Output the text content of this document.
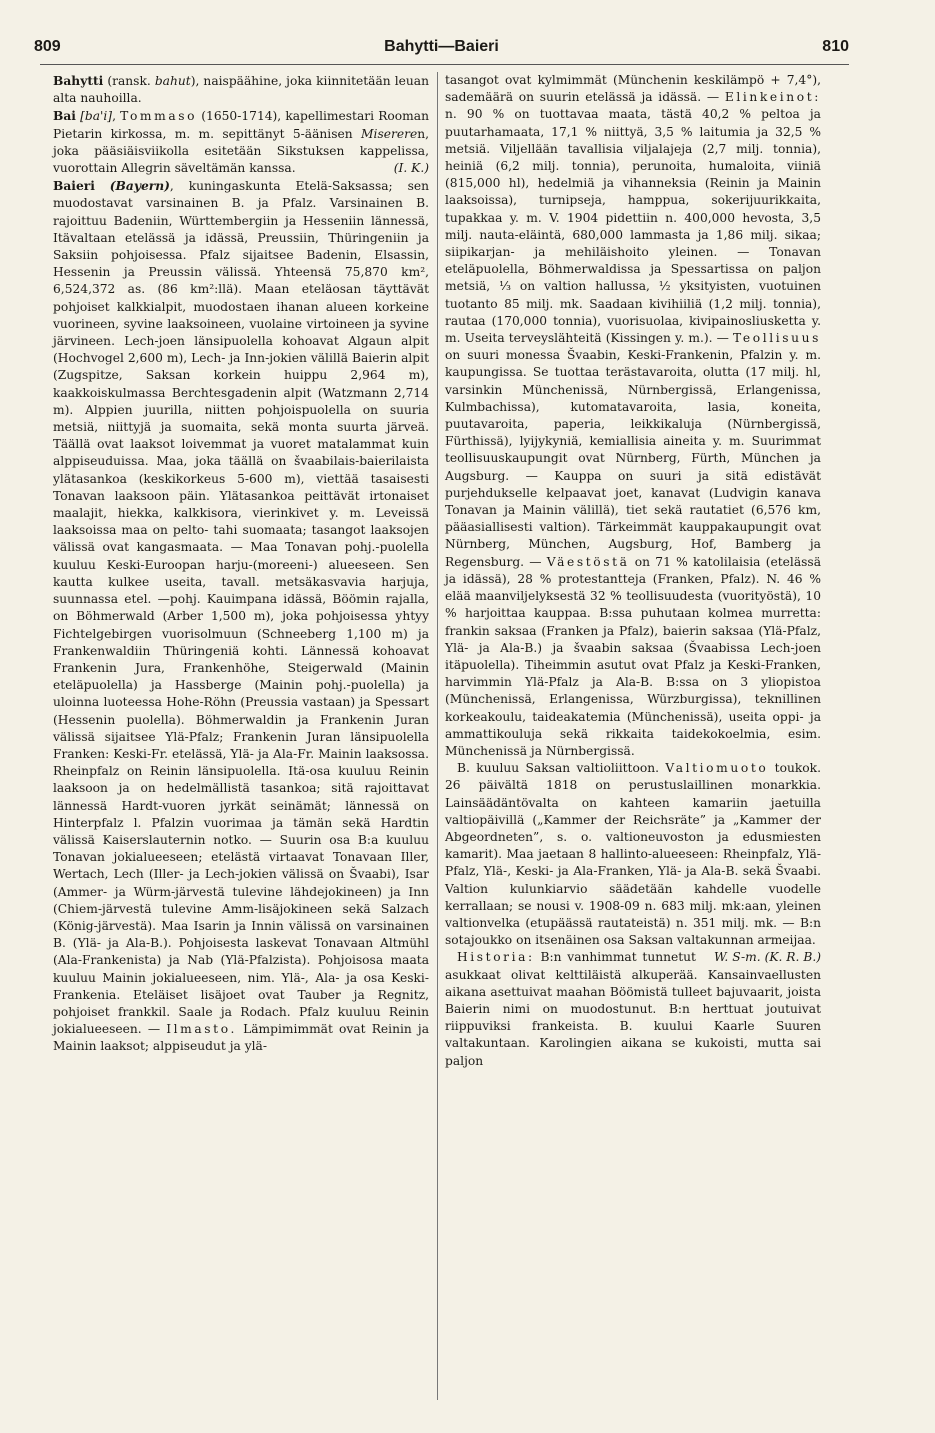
809	Bahytti—Baieri	810

Bahytti (ransk. bahut), naispäähine, joka kiinnitetään leuan alta nauhoilla.

Bai [ba'i], Tommaso (1650-1714), kapellimestari Rooman Pietarin kirkossa, m. m. sepittänyt 5-äänisen Misereren, joka pääsiäisviikolla esitetään Sikstuksen kappelissa, vuorottain Allegrin säveltämän kanssa.	(I. K.)

Baieri (Bayern), kuningaskunta Etelä-Saksassa; sen muodostavat varsinainen B. ja Pfalz. Varsinainen B. rajoittuu Badeniin, Württembergiin ja Hesseniin lännessä, Itävaltaan etelässä ja idässä, Preussiin, Thüringeniin ja Saksiin pohjoisessa. Pfalz sijaitsee Badenin, Elsassin, Hessenin ja Preussin välissä. Yhteensä 75,870 km², 6,524,372 as. (86 km²:llä). Maan eteläosan täyttävät pohjoiset kalkkialpit, muodostaen ihanan alueen korkeine vuorineen, syvine laaksoineen, vuolaine virtoineen ja syvine järvineen. Lech-joen länsipuolella kohoavat Algaun alpit (Hochvogel 2,600 m), Lech- ja Inn-jokien välillä Baierin alpit (Zugspitze, Saksan korkein huippu 2,964 m), kaakkoiskulmassa Berchtesgadenin alpit (Watzmann 2,714 m). Alppien juurilla, niitten pohjoispuolella on suuria metsiä, niittyjä ja suomaita, sekä monta suurta järveä. Täällä ovat laaksot loivemmat ja vuoret matalammat kuin alppiseuduissa. Maa, joka täällä on švaabilais-baierilaista ylätasankoa (keskikorkeus 5-600 m), viettää tasaisesti Tonavan laaksoon päin. Ylätasankoa peittävät irtonaiset maalajit, hiekka, kalkkisora, vierinkivet y. m. Leveissä laaksoissa maa on pelto- tahi suomaata; tasangot laaksojen välissä ovat kangasmaata. — Maa Tonavan pohj.-puolella kuuluu Keski-Euroopan harju-(moreeni-) alueeseen. Sen kautta kulkee useita, tavall. metsäkasvavia harjuja, suunnassa etel. —pohj. Kauimpana idässä, Böömin rajalla, on Böhmerwald (Arber 1,500 m), joka pohjoisessa yhtyy Fichtelgebirgen vuorisolmuun (Schneeberg 1,100 m) ja Frankenwaldiin Thüringeniä kohti. Lännessä kohoavat Frankenin Jura, Frankenhöhe, Steigerwald (Mainin eteläpuolella) ja Hassberge (Mainin pohj.-puolella) ja uloinna luoteessa Hohe-Röhn (Preussia vastaan) ja Spessart (Hessenin puolella). Böhmerwaldin ja Frankenin Juran välissä sijaitsee Ylä-Pfalz; Frankenin Juran länsipuolella Franken: Keski-Fr. etelässä, Ylä- ja Ala-Fr. Mainin laaksossa. Rheinpfalz on Reinin länsipuolella. Itä-osa kuuluu Reinin laaksoon ja on hedelmällistä tasankoa; sitä rajoittavat lännessä Hardt-vuoren jyrkät seinämät; lännessä on Hinterpfalz l. Pfalzin vuorimaa ja tämän sekä Hardtin välissä Kaiserslauternin notko. — Suurin osa B:a kuuluu Tonavan jokialueeseen; etelästä virtaavat Tonavaan Iller, Wertach, Lech (Iller- ja Lech-jokien välissä on Švaabi), Isar (Ammer- ja Würm-järvestä tulevine lähdejokineen) ja Inn (Chiem-järvestä tulevine Amm-lisäjokineen sekä Salzach (König-järvestä). Maa Isarin ja Innin välissä on varsinainen B. (Ylä- ja Ala-B.). Pohjoisesta laskevat Tonavaan Altmühl (Ala-Frankenista) ja Nab (Ylä-Pfalzista). Pohjoisosa maata kuuluu Mainin jokialueeseen, nim. Ylä-, Ala- ja osa Keski-Frankenia. Eteläiset lisäjoet ovat Tauber ja Regnitz, pohjoiset frankkil. Saale ja Rodach. Pfalz kuuluu Reinin jokialueeseen. — Ilmasto. Lämpimimmät ovat Reinin ja Mainin laaksot; alppiseudut ja ylä-

tasangot ovat kylmimmät (Münchenin keskilämpö + 7,4°), sademäärä on suurin etelässä ja idässä. — Elinkeinot: n. 90 % on tuottavaa maata, tästä 40,2 % peltoa ja puutarhamaata, 17,1 % niittyä, 3,5 % laitumia ja 32,5 % metsiä. Viljellään tavallisia viljalajeja (2,7 milj. tonnia), heiniä (6,2 milj. tonnia), perunoita, humaloita, viiniä (815,000 hl), hedelmiä ja vihanneksia (Reinin ja Mainin laaksoissa), turnipseja, hamppua, sokerijuurikkaita, tupakkaa y. m. V. 1904 pidettiin n. 400,000 hevosta, 3,5 milj. nauta-eläintä, 680,000 lammasta ja 1,86 milj. sikaa; siipikarjan- ja mehiläishoito yleinen. — Tonavan eteläpuolella, Böhmerwaldissa ja Spessartissa on paljon metsiä, ⅓ on valtion hallussa, ½ yksityisten, vuotuinen tuotanto 85 milj. mk. Saadaan kivihiiliä (1,2 milj. tonnia), rautaa (170,000 tonnia), vuorisuolaa, kivipainosliusketta y. m. Useita terveyslähteitä (Kissingen y. m.). — Teollisuus on suuri monessa Švaabin, Keski-Frankenin, Pfalzin y. m. kaupungissa. Se tuottaa terästavaroita, olutta (17 milj. hl, varsinkin Münchenissä, Nürnbergissä, Erlangenissa, Kulmbachissa), kutomatavaroita, lasia, koneita, puutavaroita, paperia, leikkikaluja (Nürnbergissä, Fürthissä), lyijykyniä, kemiallisia aineita y. m. Suurimmat teollisuuskaupungit ovat Nürnberg, Fürth, München ja Augsburg. — Kauppa on suuri ja sitä edistävät purjehdukselle kelpaavat joet, kanavat (Ludvigin kanava Tonavan ja Mainin välillä), tiet sekä rautatiet (6,576 km, pääasiallisesti valtion). Tärkeimmät kauppakaupungit ovat Nürnberg, München, Augsburg, Hof, Bamberg ja Regensburg. — Väestöstä on 71 % katolilaisia (etelässä ja idässä), 28 % protestantteja (Franken, Pfalz). N. 46 % elää maanviljelyksestä 32 % teollisuudesta (vuorityöstä), 10 % harjoittaa kauppaa. B:ssa puhutaan kolmea murretta: frankin saksaa (Franken ja Pfalz), baierin saksaa (Ylä-Pfalz, Ylä- ja Ala-B.) ja švaabin saksaa (Švaabissa Lech-joen itäpuolella). Tiheimmin asutut ovat Pfalz ja Keski-Franken, harvimmin Ylä-Pfalz ja Ala-B. B:ssa on 3 yliopistoa (Münchenissä, Erlangenissa, Würzburgissa), teknillinen korkeakoulu, taideakatemia (Münchenissä), useita oppi- ja ammattikouluja sekä rikkaita taidekokoelmia, esim. Münchenissä ja Nürnbergissä.

B. kuuluu Saksan valtioliittoon. Valtiomuoto toukok. 26 päivältä 1818 on perustuslaillinen monarkkia. Lainsäädäntövalta on kahteen kamariin jaetuilla valtiopäivillä („Kammer der Reichsräte” ja „Kammer der Abgeordneten”, s. o. valtioneuvoston ja edusmiesten kamarit). Maa jaetaan 8 hallinto-alueeseen: Rheinpfalz, Ylä-Pfalz, Ylä-, Keski- ja Ala-Franken, Ylä- ja Ala-B. sekä Švaabi. Valtion kulunkiarvio säädetään kahdelle vuodelle kerrallaan; se nousi v. 1908-09 n. 683 milj. mk:aan, yleinen valtionvelka (etupäässä rautateistä) n. 351 milj. mk. — B:n sotajoukko on itsenäinen osa Saksan valtakunnan armeijaa.
W. S-m. (K. R. B.)

Historia: B:n vanhimmat tunnetut asukkaat olivat kelttiläistä alkuperää. Kansainvaellusten aikana asettuivat maahan Böömistä tulleet bajuvaarit, joista Baierin nimi on muodostunut. B:n herttuat joutuivat riippuviksi frankeista. B. kuului Kaarle Suuren valtakuntaan. Karolingien aikana se kukoisti, mutta sai paljon
